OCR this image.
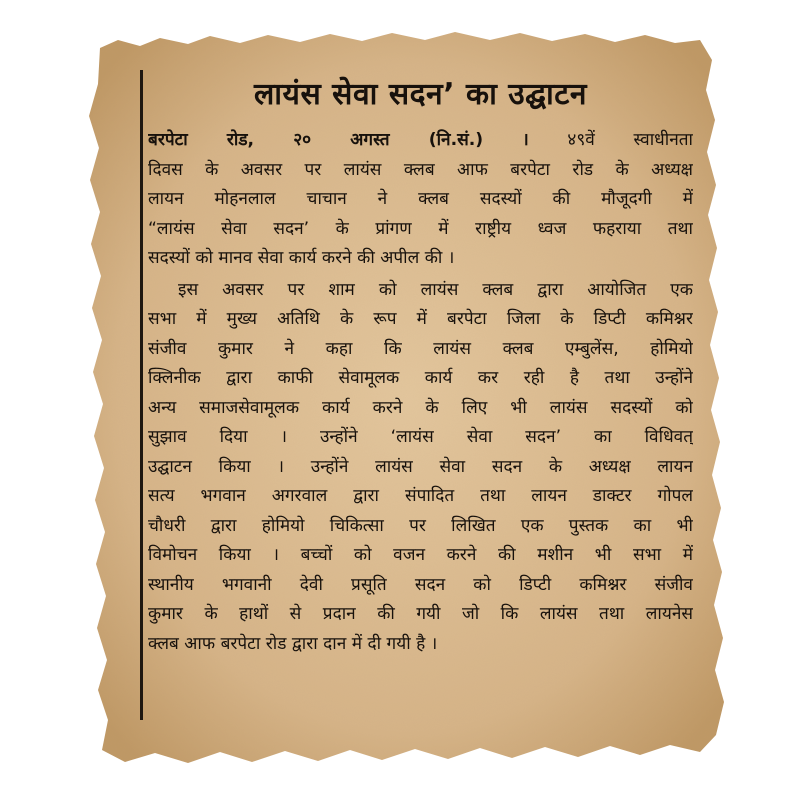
लायंस सेवा सदन’ का उद्घाटन

बरपेटा रोड, २० अगस्त (नि.सं.) । ४९वें स्वाधीनता
दिवस के अवसर पर लायंस क्लब आफ बरपेटा रोड के अध्यक्ष
लायन मोहनलाल चाचान ने क्लब सदस्यों की मौजूदगी में
“लायंस सेवा सदन’ के प्रांगण में राष्ट्रीय ध्वज फहराया तथा
सदस्यों को मानव सेवा कार्य करने की अपील की ।

इस अवसर पर शाम को लायंस क्लब द्वारा आयोजित एक
सभा में मुख्य अतिथि के रूप में बरपेटा जिला के डिप्टी कमिश्नर
संजीव कुमार ने कहा कि लायंस क्लब एम्बुलेंस, होमियो
क्लिनीक द्वारा काफी सेवामूलक कार्य कर रही है तथा उन्होंने
अन्य समाजसेवामूलक कार्य करने के लिए भी लायंस सदस्यों को
सुझाव दिया । उन्होंने ‘लायंस सेवा सदन’ का विधिवत्
उद्घाटन किया । उन्होंने लायंस सेवा सदन के अध्यक्ष लायन
सत्य भगवान अगरवाल द्वारा संपादित तथा लायन डाक्टर गोपल
चौधरी द्वारा होमियो चिकित्सा पर लिखित एक पुस्तक का भी
विमोचन किया । बच्चों को वजन करने की मशीन भी सभा में
स्थानीय भगवानी देवी प्रसूति सदन को डिप्टी कमिश्नर संजीव
कुमार के हाथों से प्रदान की गयी जो कि लायंस तथा लायनेस
क्लब आफ बरपेटा रोड द्वारा दान में दी गयी है ।
